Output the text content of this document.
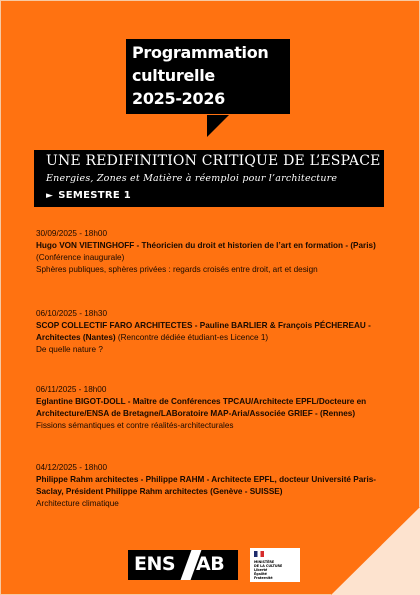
Programmation
culturelle
2025-2026
UNE REDIFINITION CRITIQUE DE L’ESPACE
Energies, Zones et Matière à réemploi pour l’architecture
► SEMESTRE 1
30/09/2025 - 18h00
Hugo VON VIETINGHOFF - Théoricien du droit et historien de l’art en formation - (Paris)
(Conférence inaugurale)
Sphères publiques, sphères privées : regards croisés entre droit, art et design
06/10/2025 - 18h30
SCOP COLLECTIF FARO ARCHITECTES - Pauline BARLIER & François PÉCHEREAU - Architectes (Nantes) (Rencontre dédiée étudiant-es Licence 1)
De quelle nature ?
06/11/2025 - 18h00
Eglantine BIGOT-DOLL - Maître de Conférences TPCAU/Architecte EPFL/Docteure en Architecture/ENSA de Bretagne/LABoratoire MAP-Aria/Associée GRIEF - (Rennes)
Fissions sémantiques et contre réalités-architecturales
04/12/2025 - 18h00
Philippe Rahm architectes - Philippe RAHM - Architecte EPFL, docteur Université Paris-Saclay, Président Philippe Rahm architectes (Genève - SUISSE)
Architecture climatique
ENS AB	MINISTÈRE
DE LA CULTURE
Liberté
Égalité
Fraternité
